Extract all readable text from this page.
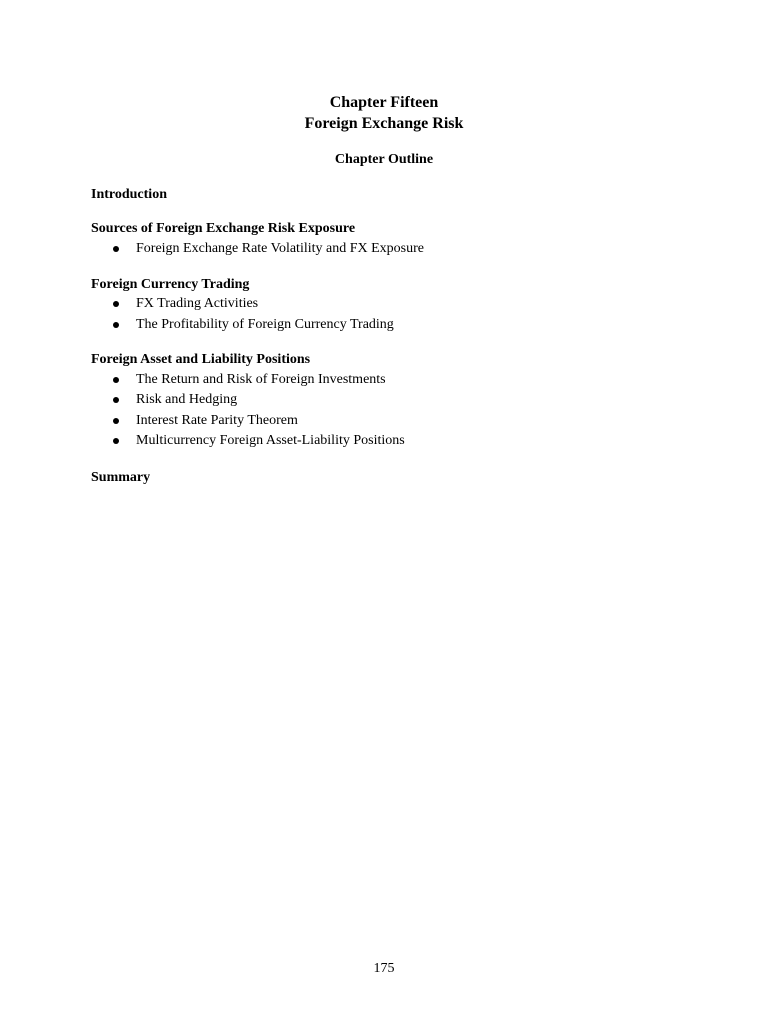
Chapter Fifteen
Foreign Exchange Risk
Chapter Outline
Introduction
Sources of Foreign Exchange Risk Exposure
Foreign Exchange Rate Volatility and FX Exposure
Foreign Currency Trading
FX Trading Activities
The Profitability of Foreign Currency Trading
Foreign Asset and Liability Positions
The Return and Risk of Foreign Investments
Risk and Hedging
Interest Rate Parity Theorem
Multicurrency Foreign Asset-Liability Positions
Summary
175
